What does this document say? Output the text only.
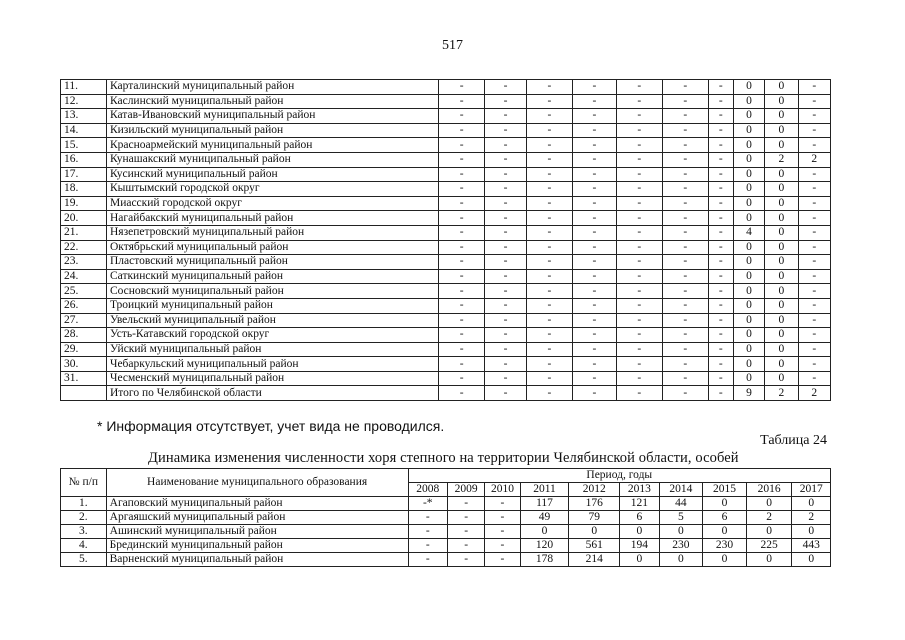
517
11.	Карталинский муниципальный район	-	-	-	-	-	-	-	0	0	-
12.	Каслинский муниципальный район	-	-	-	-	-	-	-	0	0	-
13.	Катав-Ивановский муниципальный район	-	-	-	-	-	-	-	0	0	-
14.	Кизильский муниципальный район	-	-	-	-	-	-	-	0	0	-
15.	Красноармейский муниципальный район	-	-	-	-	-	-	-	0	0	-
16.	Кунашакский муниципальный район	-	-	-	-	-	-	-	0	2	2
17.	Кусинский муниципальный район	-	-	-	-	-	-	-	0	0	-
18.	Кыштымский городской округ	-	-	-	-	-	-	-	0	0	-
19.	Миасский городской округ	-	-	-	-	-	-	-	0	0	-
20.	Нагайбакский муниципальный район	-	-	-	-	-	-	-	0	0	-
21.	Нязепетровский муниципальный район	-	-	-	-	-	-	-	4	0	-
22.	Октябрьский муниципальный район	-	-	-	-	-	-	-	0	0	-
23.	Пластовский муниципальный район	-	-	-	-	-	-	-	0	0	-
24.	Саткинский муниципальный район	-	-	-	-	-	-	-	0	0	-
25.	Сосновский муниципальный район	-	-	-	-	-	-	-	0	0	-
26.	Троицкий муниципальный район	-	-	-	-	-	-	-	0	0	-
27.	Увельский муниципальный район	-	-	-	-	-	-	-	0	0	-
28.	Усть-Катавский городской округ	-	-	-	-	-	-	-	0	0	-
29.	Уйский муниципальный район	-	-	-	-	-	-	-	0	0	-
30.	Чебаркульский муниципальный район	-	-	-	-	-	-	-	0	0	-
31.	Чесменский муниципальный район	-	-	-	-	-	-	-	0	0	-
	Итого по Челябинской области	-	-	-	-	-	-	-	9	2	2
* Информация отсутствует, учет вида не проводился.
Таблица 24
Динамика изменения численности хоря степного на территории Челябинской области, особей
№ п/п	Наименование муниципального образования	Период, годы									
		2008	2009	2010	2011	2012	2013	2014	2015	2016	2017
1.	Агаповский муниципальный район	-*	-	-	117	176	121	44	0	0	0
2.	Аргаяшский муниципальный район	-	-	-	49	79	6	5	6	2	2
3.	Ашинский муниципальный район	-	-	-	0	0	0	0	0	0	0
4.	Брединский муниципальный район	-	-	-	120	561	194	230	230	225	443
5.	Варненский муниципальный район	-	-	-	178	214	0	0	0	0	0
